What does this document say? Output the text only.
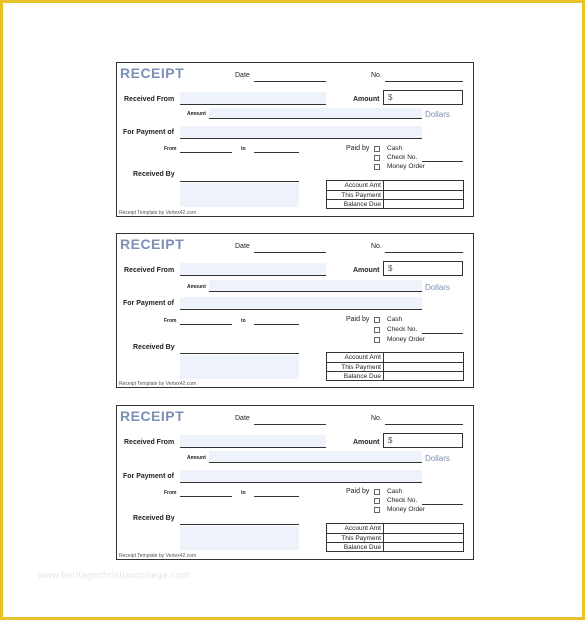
RECEIPT	Date	No.
Received From	Amount $
Amount	Dollars
For Payment of
From	to	Paid by	Cash
Check No.
Money Order
Received By
Account Amt
This Payment
Balance Due
Receipt Template by Vertex42.com
RECEIPT	Date	No.
Received From	Amount $
Amount	Dollars
For Payment of
From	to	Paid by	Cash
Check No.
Money Order
Received By
Account Amt
This Payment
Balance Due
Receipt Template by Vertex42.com
RECEIPT	Date	No.
Received From	Amount $
Amount	Dollars
For Payment of
From	to	Paid by	Cash
Check No.
Money Order
Received By
Account Amt
This Payment
Balance Due
Receipt Template by Vertex42.com
www.heritagechristiancollege.com
